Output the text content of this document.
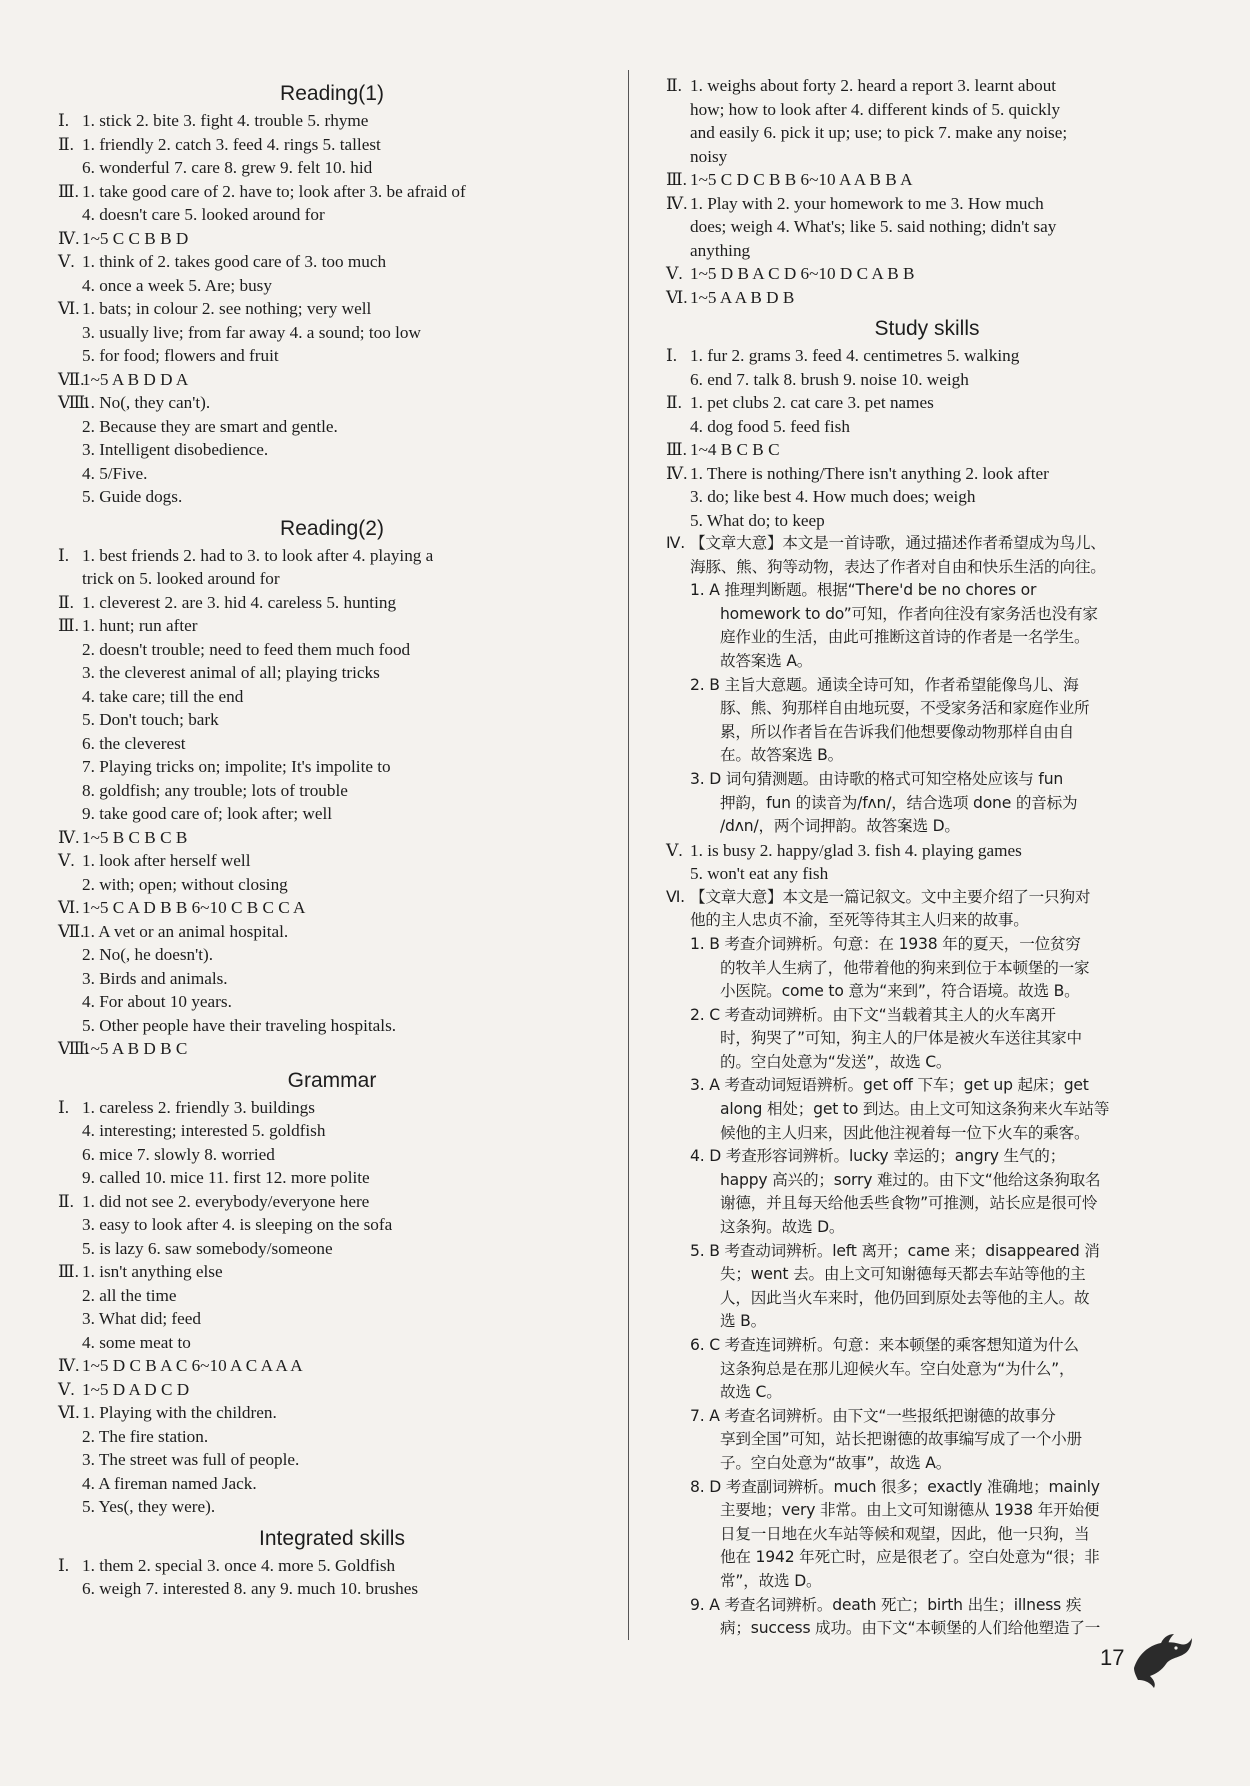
Reading(1)
Ⅰ. 1. stick 2. bite 3. fight 4. trouble 5. rhyme
Ⅱ. 1. friendly 2. catch 3. feed 4. rings 5. tallest
6. wonderful 7. care 8. grew 9. felt 10. hid
Ⅲ. 1. take good care of 2. have to; look after 3. be afraid of
4. doesn't care 5. looked around for
Ⅳ. 1~5 C C B B D
Ⅴ. 1. think of 2. takes good care of 3. too much
4. once a week 5. Are; busy
Ⅵ. 1. bats; in colour 2. see nothing; very well
3. usually live; from far away 4. a sound; too low
5. for food; flowers and fruit
Ⅶ.
1~5 A B D D A
Ⅷ.
1. No(, they can't).
2. Because they are smart and gentle.
3. Intelligent disobedience.
4. 5/Five.
5. Guide dogs.
Reading(2)
Ⅰ. 1. best friends 2. had to 3. to look after 4. playing a
trick on 5. looked around for
Ⅱ. 1. cleverest 2. are 3. hid 4. careless 5. hunting
Ⅲ. 1. hunt; run after
2. doesn't trouble; need to feed them much food
3. the cleverest animal of all; playing tricks
4. take care; till the end
5. Don't touch; bark
6. the cleverest
7. Playing tricks on; impolite; It's impolite to
8. goldfish; any trouble; lots of trouble
9. take good care of; look after; well
Ⅳ. 1~5 B C B C B
Ⅴ. 1. look after herself well
2. with; open; without closing
Ⅵ. 1~5 C A D B B 6~10 C B C C A
Ⅶ.
1. A vet or an animal hospital.
2. No(, he doesn't).
3. Birds and animals.
4. For about 10 years.
5. Other people have their traveling hospitals.
Ⅷ.
1~5 A B D B C
Grammar
Ⅰ. 1. careless 2. friendly 3. buildings
4. interesting; interested 5. goldfish
6. mice 7. slowly 8. worried
9. called 10. mice 11. first 12. more polite
Ⅱ. 1. did not see 2. everybody/everyone here
3. easy to look after 4. is sleeping on the sofa
5. is lazy 6. saw somebody/someone
Ⅲ. 1. isn't anything else
2. all the time
3. What did; feed
4. some meat to
Ⅳ. 1~5 D C B A C 6~10 A C A A A
Ⅴ. 1~5 D A D C D
Ⅵ. 1. Playing with the children.
2. The fire station.
3. The street was full of people.
4. A fireman named Jack.
5. Yes(, they were).
Integrated skills
Ⅰ. 1. them 2. special 3. once 4. more 5. Goldfish
6. weigh 7. interested 8. any 9. much 10. brushes
Ⅱ. 1. weighs about forty 2. heard a report 3. learnt about
how; how to look after 4. different kinds of 5. quickly
and easily 6. pick it up; use; to pick 7. make any noise;
noisy
Ⅲ. 1~5 C D C B B 6~10 A A B B A
Ⅳ. 1. Play with 2. your homework to me 3. How much
does; weigh 4. What's; like 5. said nothing; didn't say
anything
Ⅴ. 1~5 D B A C D 6~10 D C A B B
Ⅵ. 1~5 A A B D B
Study skills
Ⅰ. 1. fur 2. grams 3. feed 4. centimetres 5. walking
6. end 7. talk 8. brush 9. noise 10. weigh
Ⅱ. 1. pet clubs 2. cat care 3. pet names
4. dog food 5. feed fish
Ⅲ. 1~4 B C B C
Ⅳ. 1. There is nothing/There isn't anything 2. look after
3. do; like best 4. How much does; weigh
5. What do; to keep
Ⅳ. 【文章大意】本文是一首诗歌，通过描述作者希望成为鸟儿、
海豚、熊、狗等动物，表达了作者对自由和快乐生活的向往。
1. A 推理判断题。根据“There'd be no chores or
homework to do”可知，作者向往没有家务活也没有家
庭作业的生活，由此可推断这首诗的作者是一名学生。
故答案选 A。
2. B 主旨大意题。通读全诗可知，作者希望能像鸟儿、海
豚、熊、狗那样自由地玩耍，不受家务活和家庭作业所
累，所以作者旨在告诉我们他想要像动物那样自由自
在。故答案选 B。
3. D 词句猜测题。由诗歌的格式可知空格处应该与 fun
押韵，fun 的读音为/fʌn/，结合选项 done 的音标为
/dʌn/，两个词押韵。故答案选 D。
Ⅴ. 1. is busy 2. happy/glad 3. fish 4. playing games
5. won't eat any fish
Ⅵ. 【文章大意】本文是一篇记叙文。文中主要介绍了一只狗对
他的主人忠贞不渝，至死等待其主人归来的故事。
1. B 考查介词辨析。句意：在 1938 年的夏天，一位贫穷
的牧羊人生病了，他带着他的狗来到位于本顿堡的一家
小医院。come to 意为“来到”，符合语境。故选 B。
2. C 考查动词辨析。由下文“当载着其主人的火车离开
时，狗哭了”可知，狗主人的尸体是被火车送往其家中
的。空白处意为“发送”，故选 C。
3. A 考查动词短语辨析。get off 下车；get up 起床；get
along 相处；get to 到达。由上文可知这条狗来火车站等
候他的主人归来，因此他注视着每一位下火车的乘客。
4. D 考查形容词辨析。lucky 幸运的；angry 生气的；
happy 高兴的；sorry 难过的。由下文“他给这条狗取名
谢德，并且每天给他丢些食物”可推测，站长应是很可怜
这条狗。故选 D。
5. B 考查动词辨析。left 离开；came 来；disappeared 消
失；went 去。由上文可知谢德每天都去车站等他的主
人，因此当火车来时，他仍回到原处去等他的主人。故
选 B。
6. C 考查连词辨析。句意：来本顿堡的乘客想知道为什么
这条狗总是在那儿迎候火车。空白处意为“为什么”，
故选 C。
7. A 考查名词辨析。由下文“一些报纸把谢德的故事分
享到全国”可知，站长把谢德的故事编写成了一个小册
子。空白处意为“故事”，故选 A。
8. D 考查副词辨析。much 很多；exactly 准确地；mainly
主要地；very 非常。由上文可知谢德从 1938 年开始便
日复一日地在火车站等候和观望，因此，他一只狗，当
他在 1942 年死亡时，应是很老了。空白处意为“很；非
常”，故选 D。
9. A 考查名词辨析。death 死亡；birth 出生；illness 疾
病；success 成功。由下文“本顿堡的人们给他塑造了一
17
